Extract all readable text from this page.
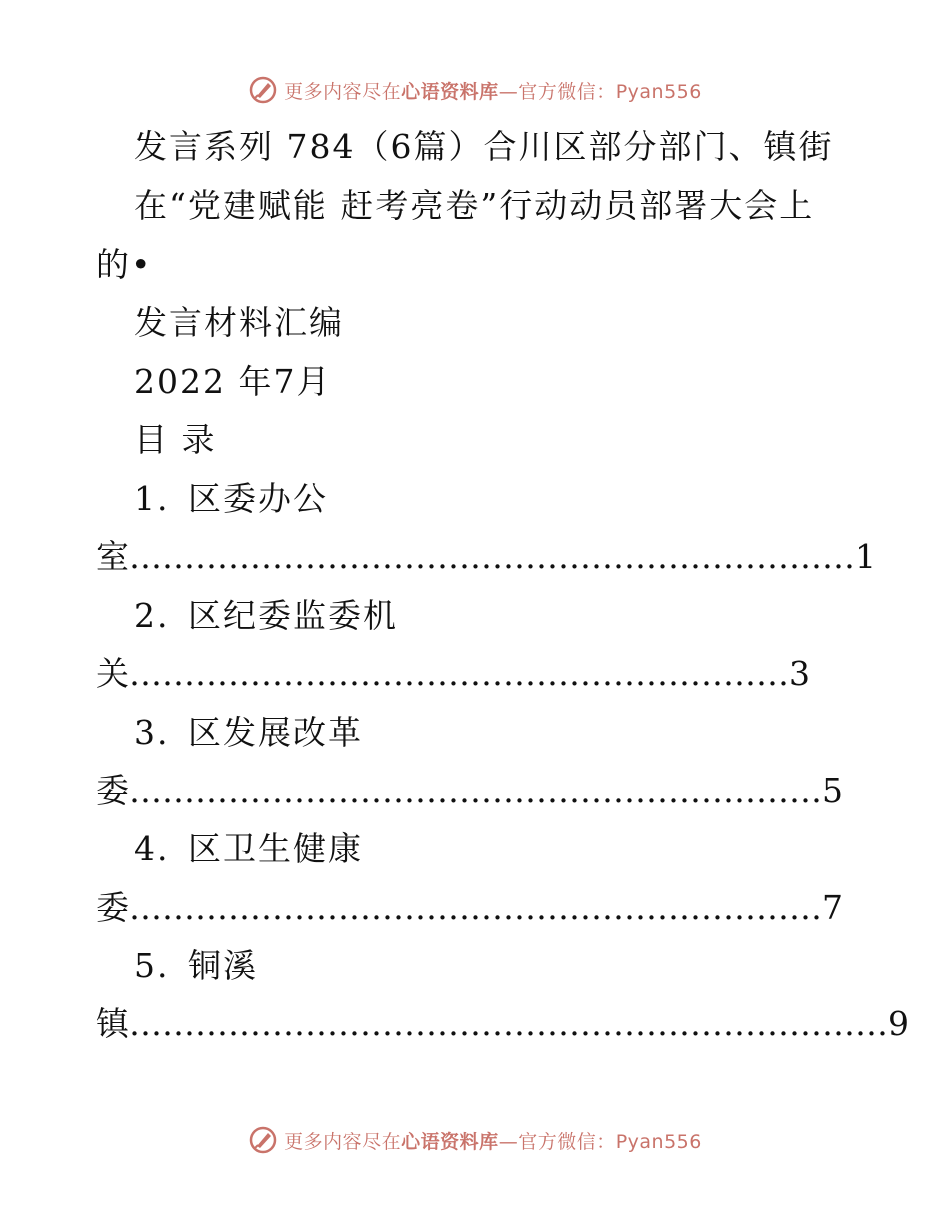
更多内容尽在心语资料库—官方微信：Pyan556
发言系列 784（6篇）合川区部分部门、镇街
在“党建赋能 赶考亮卷”行动动员部署大会上
的•
发言材料汇编
2022 年7月
目 录
1. 区委办公
室 ………………………………………………………… 1
2. 区纪委监委机
关 …………………………………………………… 3
3. 区发展改革
委 ……………………………………………………… 5
4. 区卫生健康
委 ……………………………………………………… 7
5. 铜溪
镇 …………………………………………………………… 9
更多内容尽在心语资料库—官方微信：Pyan556
